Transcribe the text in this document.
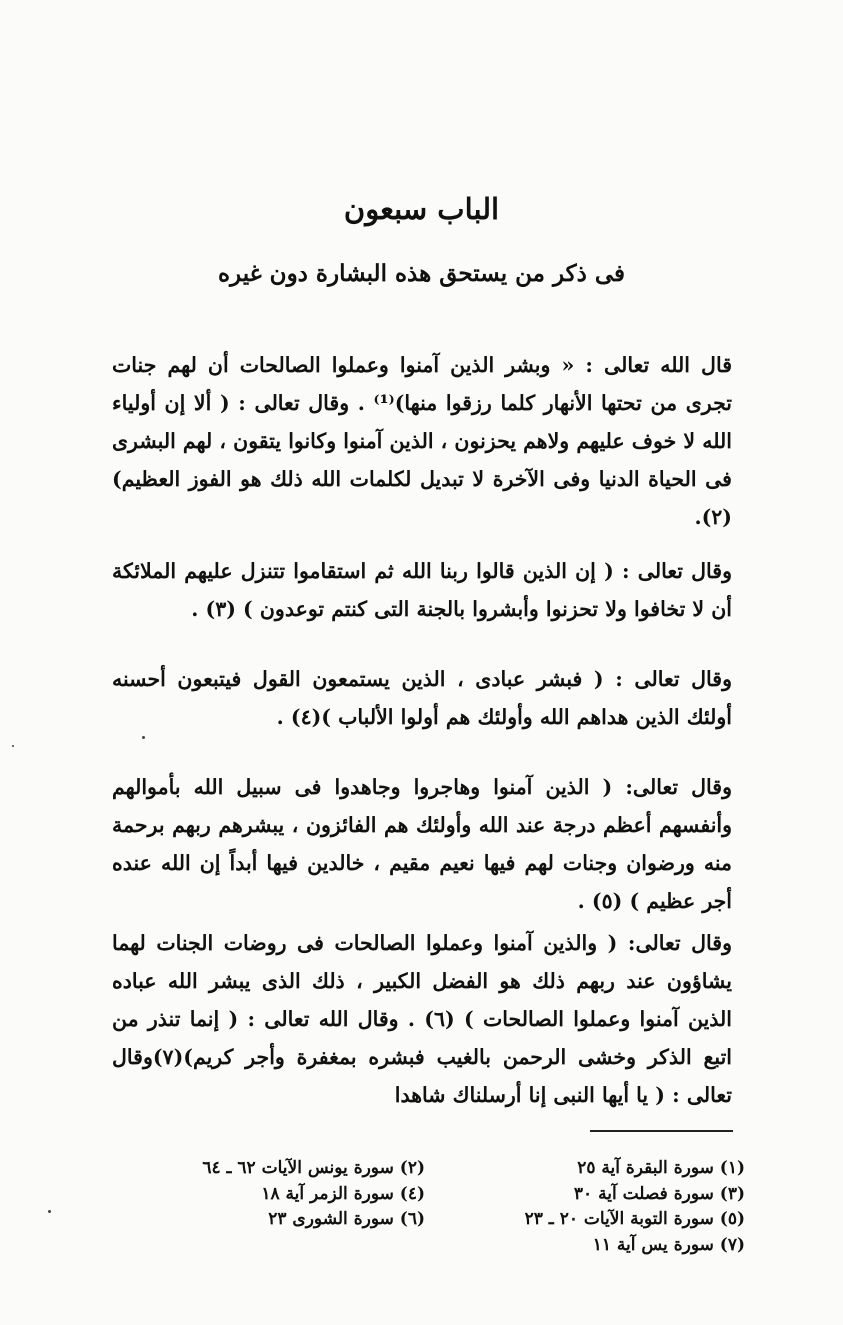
الباب سبعون
فى ذكر من يستحق هذه البشارة دون غيره
قال الله تعالى : « وبشر الذين آمنوا وعملوا الصالحات أن لهم جنات تجرى من تحتها الأنهار كلما رزقوا منها)⁽¹⁾ . وقال تعالى : ( ألا إن أولياء الله لا خوف عليهم ولاهم يحزنون ، الذين آمنوا وكانوا يتقون ، لهم البشرى فى الحياة الدنيا وفى الآخرة لا تبديل لكلمات الله ذلك هو الفوز العظيم)(٢).
وقال تعالى : ( إن الذين قالوا ربنا الله ثم استقاموا تتنزل عليهم الملائكة أن لا تخافوا ولا تحزنوا وأبشروا بالجنة التى كنتم توعدون ) (٣) .
وقال تعالى : ( فبشر عبادى ، الذين يستمعون القول فيتبعون أحسنه أولئك الذين هداهم الله وأولئك هم أولوا الألباب )(٤) .
وقال تعالى: ( الذين آمنوا وهاجروا وجاهدوا فى سبيل الله بأموالهم وأنفسهم أعظم درجة عند الله وأولئك هم الفائزون ، يبشرهم ربهم برحمة منه ورضوان وجنات لهم فيها نعيم مقيم ، خالدين فيها أبداً إن الله عنده أجر عظيم ) (٥) .
وقال تعالى: ( والذين آمنوا وعملوا الصالحات فى روضات الجنات لهما يشاؤون عند ربهم ذلك هو الفضل الكبير ، ذلك الذى يبشر الله عباده الذين آمنوا وعملوا الصالحات ) (٦) . وقال الله تعالى : ( إنما تنذر من اتبع الذكر وخشى الرحمن بالغيب فبشره بمغفرة وأجر كريم)(٧)وقال تعالى : ( يا أيها النبى إنا أرسلناك شاهدا
(١) سورة البقرة آية ٢٥
(٣) سورة فصلت آية ٣٠
(٥) سورة التوبة الآيات ٢٠ ـ ٢٣
(٧) سورة يس آية ١١
(٢) سورة يونس الآيات ٦٢ ـ ٦٤
(٤) سورة الزمر آية ١٨
(٦) سورة الشورى ٢٣
